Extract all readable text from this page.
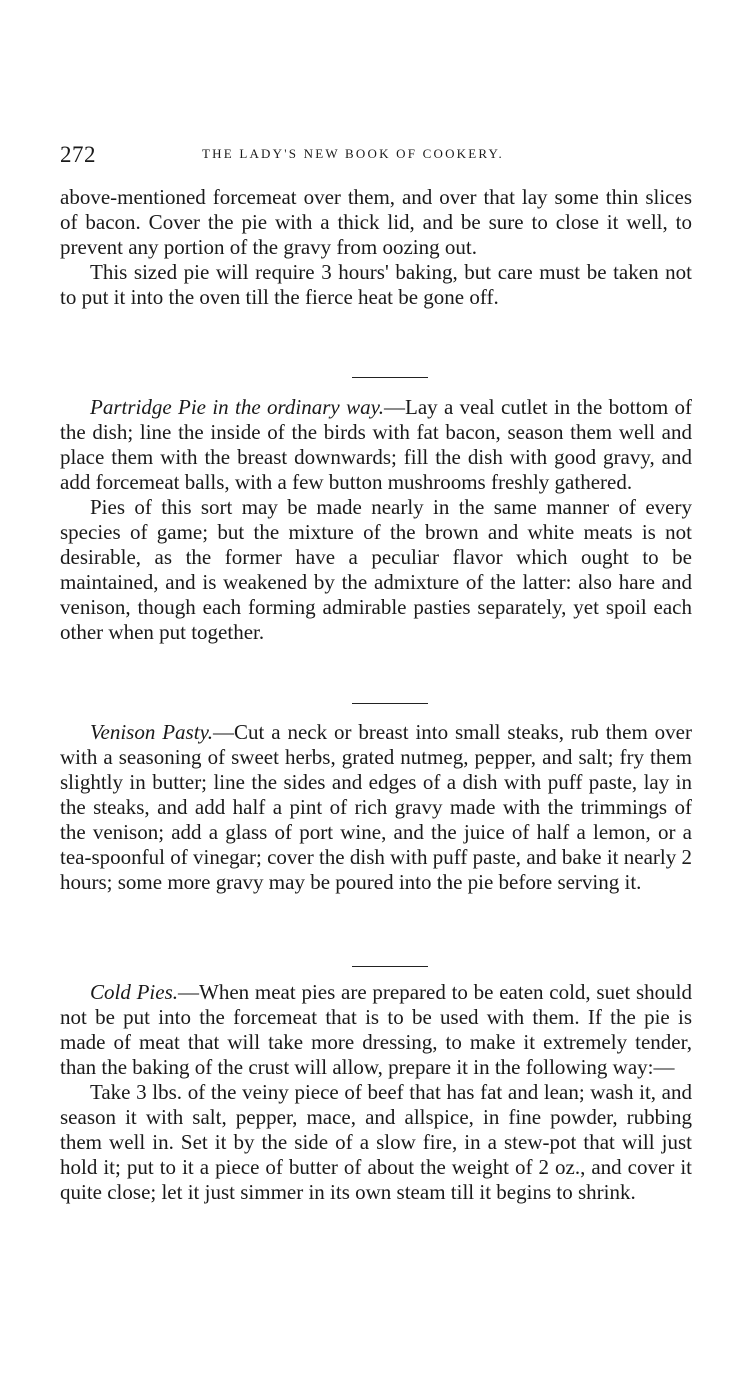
272	THE LADY'S NEW BOOK OF COOKERY.

above-mentioned forcemeat over them, and over that lay some thin slices of bacon. Cover the pie with a thick lid, and be sure to close it well, to prevent any portion of the gravy from oozing out.

This sized pie will require 3 hours' baking, but care must be taken not to put it into the oven till the fierce heat be gone off.

Partridge Pie in the ordinary way.—Lay a veal cutlet in the bottom of the dish; line the inside of the birds with fat bacon, season them well and place them with the breast downwards; fill the dish with good gravy, and add forcemeat balls, with a few button mushrooms freshly gathered.

Pies of this sort may be made nearly in the same manner of every species of game; but the mixture of the brown and white meats is not desirable, as the former have a peculiar flavor which ought to be maintained, and is weakened by the admixture of the latter: also hare and venison, though each forming admirable pasties separately, yet spoil each other when put together.

Venison Pasty.—Cut a neck or breast into small steaks, rub them over with a seasoning of sweet herbs, grated nutmeg, pepper, and salt; fry them slightly in butter; line the sides and edges of a dish with puff paste, lay in the steaks, and add half a pint of rich gravy made with the trimmings of the venison; add a glass of port wine, and the juice of half a lemon, or a tea-spoonful of vinegar; cover the dish with puff paste, and bake it nearly 2 hours; some more gravy may be poured into the pie before serving it.

Cold Pies.—When meat pies are prepared to be eaten cold, suet should not be put into the forcemeat that is to be used with them. If the pie is made of meat that will take more dressing, to make it extremely tender, than the baking of the crust will allow, prepare it in the following way:—

Take 3 lbs. of the veiny piece of beef that has fat and lean; wash it, and season it with salt, pepper, mace, and allspice, in fine powder, rubbing them well in. Set it by the side of a slow fire, in a stew-pot that will just hold it; put to it a piece of butter of about the weight of 2 oz., and cover it quite close; let it just simmer in its own steam till it begins to shrink.
